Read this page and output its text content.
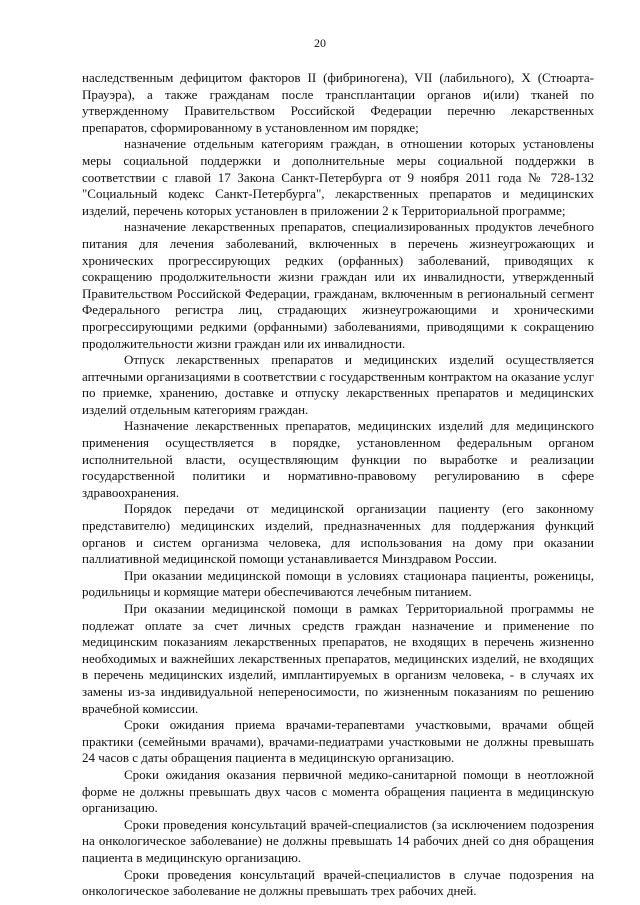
20

наследственным дефицитом факторов II (фибриногена), VII (лабильного), X (Стюарта-Прауэра), а также гражданам после трансплантации органов и(или) тканей по утвержденному Правительством Российской Федерации перечню лекарственных препаратов, сформированному в установленном им порядке;

назначение отдельным категориям граждан, в отношении которых установлены меры социальной поддержки и дополнительные меры социальной поддержки в соответствии с главой 17 Закона Санкт-Петербурга от 9 ноября 2011 года № 728-132 "Социальный кодекс Санкт-Петербурга", лекарственных препаратов и медицинских изделий, перечень которых установлен в приложении 2 к Территориальной программе;

назначение лекарственных препаратов, специализированных продуктов лечебного питания для лечения заболеваний, включенных в перечень жизнеугрожающих и хронических прогрессирующих редких (орфанных) заболеваний, приводящих к сокращению продолжительности жизни граждан или их инвалидности, утвержденный Правительством Российской Федерации, гражданам, включенным в региональный сегмент Федерального регистра лиц, страдающих жизнеугрожающими и хроническими прогрессирующими редкими (орфанными) заболеваниями, приводящими к сокращению продолжительности жизни граждан или их инвалидности.

Отпуск лекарственных препаратов и медицинских изделий осуществляется аптечными организациями в соответствии с государственным контрактом на оказание услуг по приемке, хранению, доставке и отпуску лекарственных препаратов и медицинских изделий отдельным категориям граждан.

Назначение лекарственных препаратов, медицинских изделий для медицинского применения осуществляется в порядке, установленном федеральным органом исполнительной власти, осуществляющим функции по выработке и реализации государственной политики и нормативно-правовому регулированию в сфере здравоохранения.

Порядок передачи от медицинской организации пациенту (его законному представителю) медицинских изделий, предназначенных для поддержания функций органов и систем организма человека, для использования на дому при оказании паллиативной медицинской помощи устанавливается Минздравом России.

При оказании медицинской помощи в условиях стационара пациенты, роженицы, родильницы и кормящие матери обеспечиваются лечебным питанием.

При оказании медицинской помощи в рамках Территориальной программы не подлежат оплате за счет личных средств граждан назначение и применение по медицинским показаниям лекарственных препаратов, не входящих в перечень жизненно необходимых и важнейших лекарственных препаратов, медицинских изделий, не входящих в перечень медицинских изделий, имплантируемых в организм человека, - в случаях их замены из-за индивидуальной непереносимости, по жизненным показаниям по решению врачебной комиссии.

Сроки ожидания приема врачами-терапевтами участковыми, врачами общей практики (семейными врачами), врачами-педиатрами участковыми не должны превышать 24 часов с даты обращения пациента в медицинскую организацию.

Сроки ожидания оказания первичной медико-санитарной помощи в неотложной форме не должны превышать двух часов с момента обращения пациента в медицинскую организацию.

Сроки проведения консультаций врачей-специалистов (за исключением подозрения на онкологическое заболевание) не должны превышать 14 рабочих дней со дня обращения пациента в медицинскую организацию.

Сроки проведения консультаций врачей-специалистов в случае подозрения на онкологическое заболевание не должны превышать трех рабочих дней.
